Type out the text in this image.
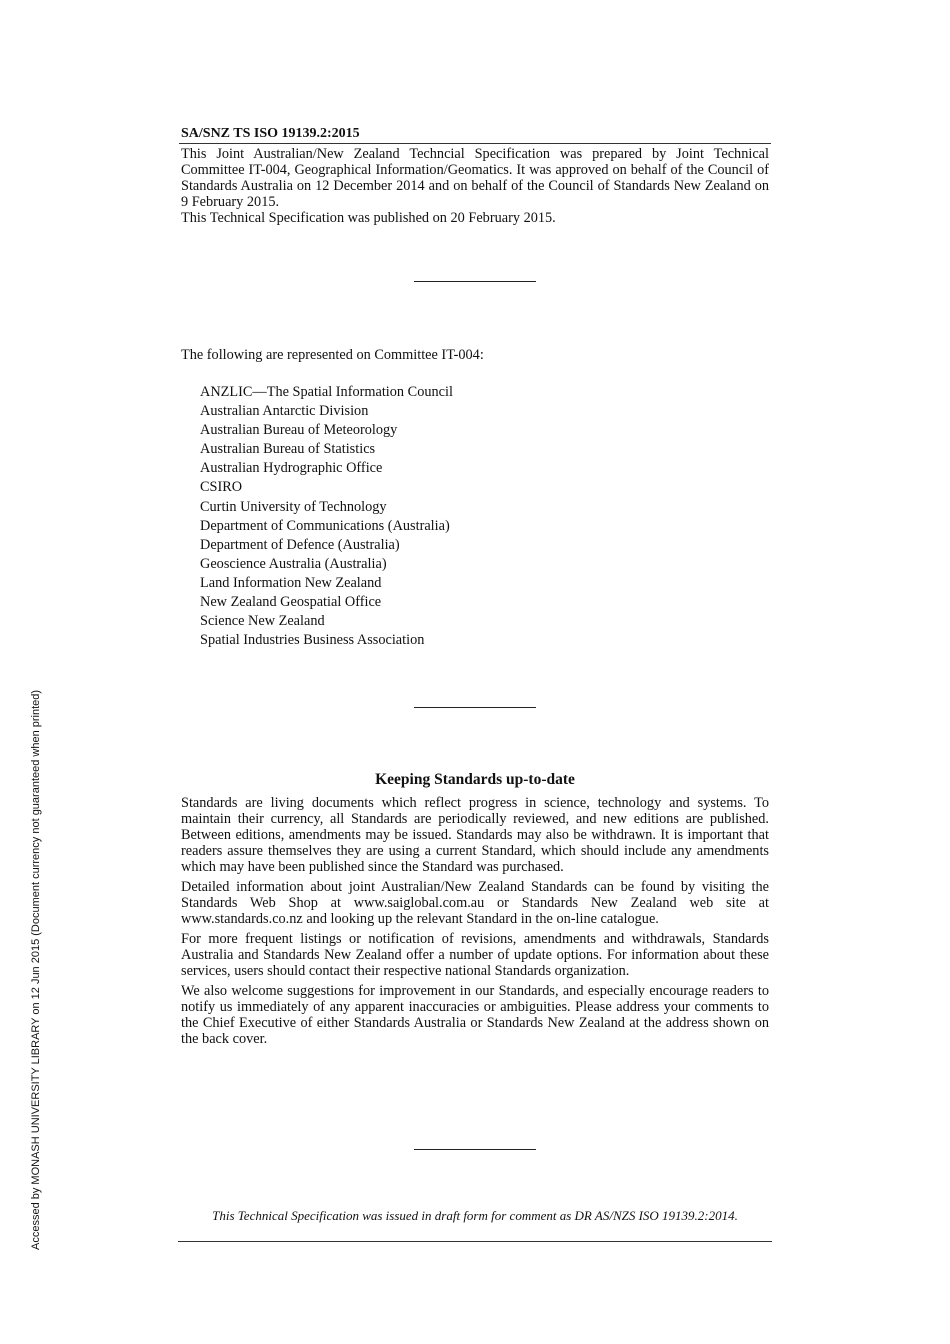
SA/SNZ TS ISO 19139.2:2015

This Joint Australian/New Zealand Techncial Specification was prepared by Joint Technical Committee IT-004, Geographical Information/Geomatics. It was approved on behalf of the Council of Standards Australia on 12 December 2014 and on behalf of the Council of Standards New Zealand on 9 February 2015.

This Technical Specification was published on 20 February 2015.

The following are represented on Committee IT-004:
ANZLIC—The Spatial Information Council
Australian Antarctic Division
Australian Bureau of Meteorology
Australian Bureau of Statistics
Australian Hydrographic Office
CSIRO
Curtin University of Technology
Department of Communications (Australia)
Department of Defence (Australia)
Geoscience Australia (Australia)
Land Information New Zealand
New Zealand Geospatial Office
Science New Zealand
Spatial Industries Business Association
Keeping Standards up-to-date

Standards are living documents which reflect progress in science, technology and systems. To maintain their currency, all Standards are periodically reviewed, and new editions are published. Between editions, amendments may be issued. Standards may also be withdrawn. It is important that readers assure themselves they are using a current Standard, which should include any amendments which may have been published since the Standard was purchased.

Detailed information about joint Australian/New Zealand Standards can be found by visiting the Standards Web Shop at www.saiglobal.com.au or Standards New Zealand web site at www.standards.co.nz and looking up the relevant Standard in the on-line catalogue.

For more frequent listings or notification of revisions, amendments and withdrawals, Standards Australia and Standards New Zealand offer a number of update options. For information about these services, users should contact their respective national Standards organization.

We also welcome suggestions for improvement in our Standards, and especially encourage readers to notify us immediately of any apparent inaccuracies or ambiguities. Please address your comments to the Chief Executive of either Standards Australia or Standards New Zealand at the address shown on the back cover.

This Technical Specification was issued in draft form for comment as DR AS/NZS ISO 19139.2:2014.
Accessed by MONASH UNIVERSITY LIBRARY on 12 Jun 2015 (Document currency not guaranteed when printed)
